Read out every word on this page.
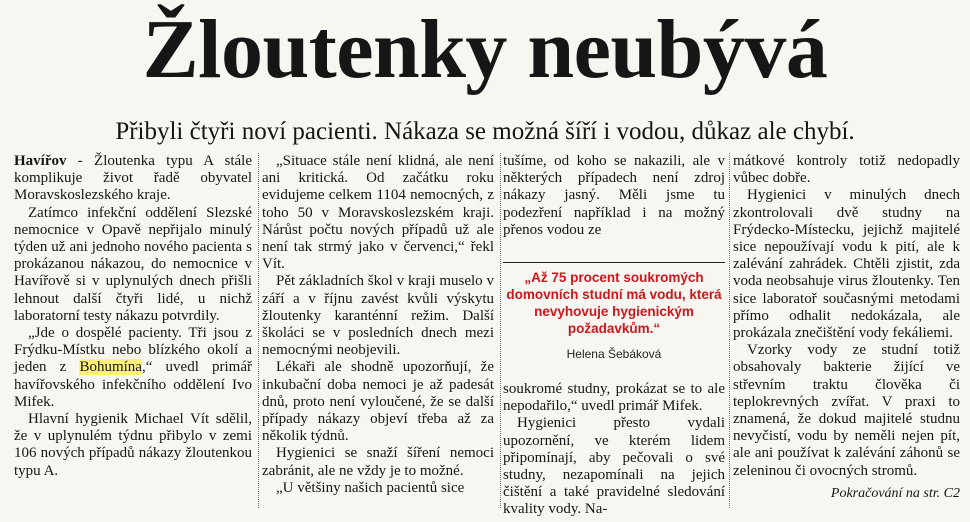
Žloutenky neubývá
Přibyli čtyři noví pacienti. Nákaza se možná šíří i vodou, důkaz ale chybí.

Havířov - Žloutenka typu A stále komplikuje život řadě obyvatel Moravskoslezského kraje.

Zatímco infekční oddělení Slezské nemocnice v Opavě nepřijalo minulý týden už ani jednoho nového pacienta s prokázanou nákazou, do nemocnice v Havířově si v uplynulých dnech přišli lehnout další čtyři lidé, u nichž laboratorní testy nákazu potvrdily.

„Jde o dospělé pacienty. Tři jsou z Frýdku-Místku nebo blízkého okolí a jeden z Bohumína,“ uvedl primář havířovského infekčního oddělení Ivo Mifek.

Hlavní hygienik Michael Vít sdělil, že v uplynulém týdnu přibylo v zemi 106 nových případů nákazy žloutenkou typu A.

„Situace stále není klidná, ale není ani kritická. Od začátku roku evidujeme celkem 1104 nemocných, z toho 50 v Moravskoslezském kraji. Nárůst počtu nových případů už ale není tak strmý jako v červenci,“ řekl Vít.

Pět základních škol v kraji muselo v září a v říjnu zavést kvůli výskytu žloutenky karanténní režim. Další školáci se v posledních dnech mezi nemocnými neobjevili.

Lékaři ale shodně upozorňují, že inkubační doba nemoci je až padesát dnů, proto není vyloučené, že se další případy nákazy objeví třeba až za několik týdnů.

Hygienici se snaží šíření nemoci zabránit, ale ne vždy je to možné.

„U většiny našich pacientů sice

tušíme, od koho se nakazili, ale v některých případech není zdroj nákazy jasný. Měli jsme tu podezření například i na možný přenos vodou ze

„Až 75 procent soukromých domovních studní má vodu, která nevyhovuje hygienickým požadavkům.“
Helena Šebáková

soukromé studny, prokázat se to ale nepodařilo,“ uvedl primář Mifek.

Hygienici přesto vydali upozornění, ve kterém lidem připomínají, aby pečovali o své studny, nezapomínali na jejich čištění a také pravidelné sledování kvality vody. Na-

mátkové kontroly totiž nedopadly vůbec dobře.

Hygienici v minulých dnech zkontrolovali dvě studny na Frýdecko-Místecku, jejichž majitelé sice nepoužívají vodu k pití, ale k zalévání zahrádek. Chtěli zjistit, zda voda neobsahuje virus žloutenky. Ten sice laboratoř současnými metodami přímo odhalit nedokázala, ale prokázala znečištění vody fekáliemi.

Vzorky vody ze studní totiž obsahovaly bakterie žijící ve střevním traktu člověka či teplokrevných zvířat. V praxi to znamená, že dokud majitelé studnu nevyčistí, vodu by neměli nejen pít, ale ani používat k zalévání záhonů se zeleninou či ovocných stromů.

Pokračování na str. C2
